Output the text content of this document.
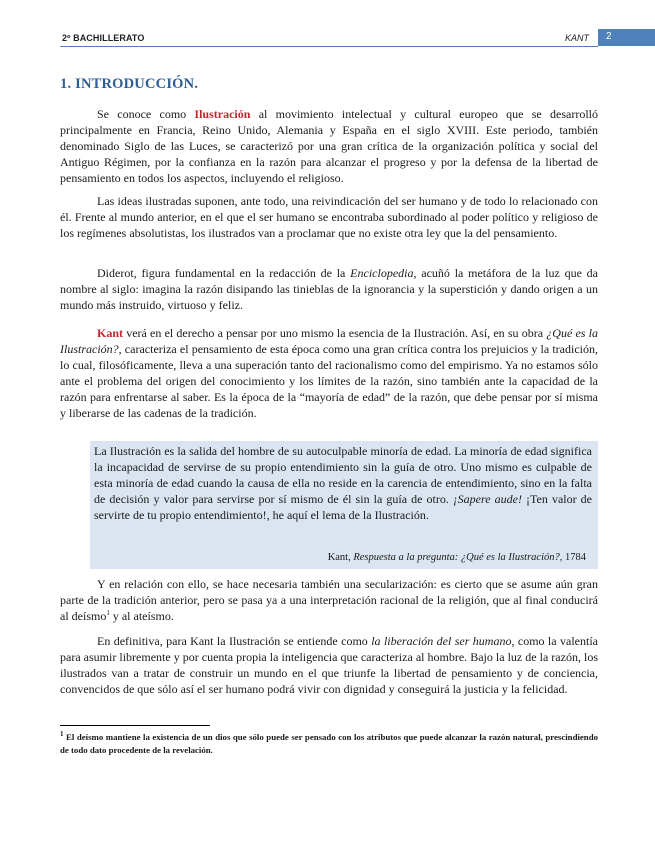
2º BACHILLERATO	KANT 2
1. INTRODUCCIÓN.

Se conoce como Ilustración al movimiento intelectual y cultural europeo que se desarrolló principalmente en Francia, Reino Unido, Alemania y España en el siglo XVIII. Este periodo, también denominado Siglo de las Luces, se caracterizó por una gran crítica de la organización política y social del Antiguo Régimen, por la confianza en la razón para alcanzar el progreso y por la defensa de la libertad de pensamiento en todos los aspectos, incluyendo el religioso.

Las ideas ilustradas suponen, ante todo, una reivindicación del ser humano y de todo lo relacionado con él. Frente al mundo anterior, en el que el ser humano se encontraba subordinado al poder político y religioso de los regímenes absolutistas, los ilustrados van a proclamar que no existe otra ley que la del pensamiento.

Diderot, figura fundamental en la redacción de la Enciclopedia, acuñó la metáfora de la luz que da nombre al siglo: imagina la razón disipando las tinieblas de la ignorancia y la superstición y dando origen a un mundo más instruido, virtuoso y feliz.

Kant verá en el derecho a pensar por uno mismo la esencia de la Ilustración. Así, en su obra ¿Qué es la Ilustración?, caracteriza el pensamiento de esta época como una gran crítica contra los prejuicios y la tradición, lo cual, filosóficamente, lleva a una superación tanto del racionalismo como del empirismo. Ya no estamos sólo ante el problema del origen del conocimiento y los límites de la razón, sino también ante la capacidad de la razón para enfrentarse al saber. Es la época de la “mayoría de edad” de la razón, que debe pensar por sí misma y liberarse de las cadenas de la tradición.

La Ilustración es la salida del hombre de su autoculpable minoría de edad. La minoría de edad significa la incapacidad de servirse de su propio entendimiento sin la guía de otro. Uno mismo es culpable de esta minoría de edad cuando la causa de ella no reside en la carencia de entendimiento, sino en la falta de decisión y valor para servirse por sí mismo de él sin la guía de otro. ¡Sapere aude! ¡Ten valor de servirte de tu propio entendimiento!, he aquí el lema de la Ilustración.

Kant, Respuesta a la pregunta: ¿Qué es la Ilustración?, 1784

Y en relación con ello, se hace necesaria también una secularización: es cierto que se asume aún gran parte de la tradición anterior, pero se pasa ya a una interpretación racional de la religión, que al final conducirá al deísmo$^1$ y al ateísmo.

En definitiva, para Kant la Ilustración se entiende como la liberación del ser humano, como la valentía para asumir libremente y por cuenta propia la inteligencia que caracteriza al hombre. Bajo la luz de la razón, los ilustrados van a tratar de construir un mundo en el que triunfe la libertad de pensamiento y de conciencia, convencidos de que sólo así el ser humano podrá vivir con dignidad y conseguirá la justicia y la felicidad.

$^1$ El deísmo mantiene la existencia de un dios que sólo puede ser pensado con los atributos que puede alcanzar la razón natural, prescindiendo de todo dato procedente de la revelación.
